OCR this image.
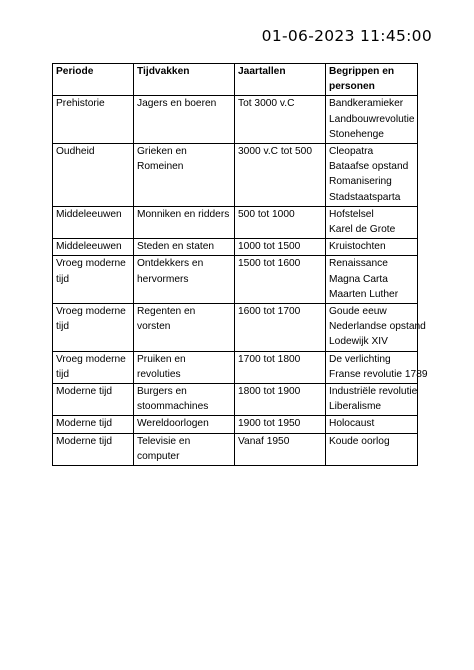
01-06-2023 11:45:00
Periode	Tijdvakken	Jaartallen	Begrippen en personen
Prehistorie	Jagers en boeren	Tot 3000 v.C	Bandkeramieker
Landbouwrevolutie
Stonehenge

Oudheid	Grieken en Romeinen	3000 v.C tot 500	Cleopatra
Bataafse opstand
Romanisering
Stadstaatsparta

Middeleeuwen	Monniken en ridders	500 tot 1000	Hofstelsel
Karel de Grote

Middeleeuwen	Steden en staten	1000 tot 1500	Kruistochten

Vroeg moderne tijd	Ontdekkers en hervormers	1500 tot 1600	Renaissance
Magna Carta
Maarten Luther

Vroeg moderne tijd	Regenten en vorsten	1600 tot 1700	Goude eeuw
Nederlandse opstand
Lodewijk XIV

Vroeg moderne tijd	Pruiken en revoluties	1700 tot 1800	De verlichting
Franse revolutie 1789

Moderne tijd	Burgers en stoommachines	1800 tot 1900	Industriële revolutie
Liberalisme

Moderne tijd	Wereldoorlogen	1900 tot 1950	Holocaust

Moderne tijd	Televisie en computer	Vanaf 1950	Koude oorlog
